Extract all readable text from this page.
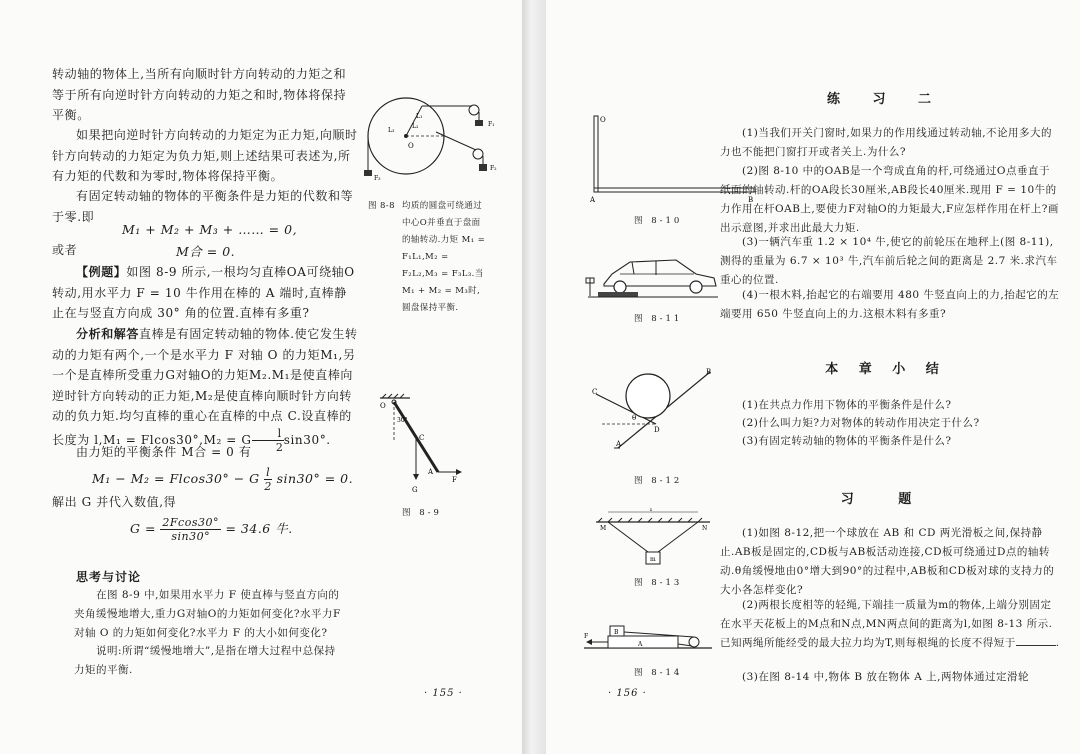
转动轴的物体上,当所有向顺时针方向转动的力矩之和等于所有向逆时针方向转动的力矩之和时,物体将保持平衡。
如果把向逆时针方向转动的力矩定为正力矩,向顺时针方向转动的力矩定为负力矩,则上述结果可表述为,所有力矩的代数和为零时,物体将保持平衡。
有固定转动轴的物体的平衡条件是力矩的代数和等于零.即
M₁ + M₂ + M₃ + …… = 0,
或者	M合 = 0.
【例题】如图 8-9 所示,一根均匀直棒OA可绕轴O转动,用水平力 F = 10 牛作用在棒的 A 端时,直棒静止在与竖直方向成 30° 角的位置.直棒有多重?
分析和解答直棒是有固定转动轴的物体.使它发生转动的力矩有两个,一个是水平力 F 对轴 O 的力矩M₁,另一个是直棒所受重力G对轴O的力矩M₂.M₁是使直棒向逆时针方向转动的正力矩,M₂是使直棒向顺时针方向转动的负力矩.均匀直棒的重心在直棒的中点 C.设直棒的长度为 l,M₁ = Flcos30°,M₂ = G $\frac{l}{2} \sin 30^\circ$.
由力矩的平衡条件 M合 = 0 有
M₁ − M₂ = Flcos30° − G $\frac{l}{2} \sin 30^\circ = 0$.
解出 G 并代入数值,得
$G = \frac{2Fcos30^\circ}{\sin 30^\circ} = 34.6$ 牛.
思考与讨论
在图 8-9 中,如果用水平力 F 使直棒与竖直方向的夹角缓慢地增大,重力G对轴O的力矩如何变化?水平力F 对轴 O 的力矩如何变化?水平力 F 的大小如何变化?
说明:所谓“缓慢地增大”,是指在增大过程中总保持力矩的平衡.
O
L₁
L₂
L₃
F₁
F₂
F₃
图 8-8 均质的圆盘可绕通过中心O并垂直于盘面的轴转动.力矩 M₁ = F₁L₁,M₂ = F₂L₂,M₃ = F₃L₃.当 M₁ + M₂ = M₃时,圆盘保持平衡.
O
30°
C
A
F
G
图 8-9
· 155 ·
O
A	B
图 8-10
图 8-11
练 习 二
(1)当我们开关门窗时,如果力的作用线通过转动轴,不论用多大的力也不能把门窗打开或者关上.为什么?
(2)图 8-10 中的OAB是一个弯成直角的杆,可绕通过O点垂直于纸面的轴转动.杆的OA段长30厘米,AB段长40厘米.现用 F = 10牛的力作用在杆OAB上,要使力F对轴O的力矩最大,F应怎样作用在杆上?画出示意图,并求出此最大力矩.
(3)一辆汽车重 1.2 × 10⁴ 牛,使它的前轮压在地秤上(图 8-11),测得的重量为 6.7 × 10³ 牛,汽车前后轮之间的距离是 2.7 米.求汽车重心的位置.
(4)一根木料,抬起它的右端要用 480 牛竖直向上的力,抬起它的左端要用 650 牛竖直向上的力.这根木料有多重?
本 章 小 结
(1)在共点力作用下物体的平衡条件是什么?
(2)什么叫力矩?力对物体的转动作用决定于什么?
(3)有固定转动轴的物体的平衡条件是什么?
B
C
θ
D
A
图 8-12
习 题
(1)如图 8-12,把一个球放在 AB 和 CD 两光滑板之间,保持静止.AB板是固定的,CD板与AB板活动连接,CD板可绕通过D点的轴转动.θ角缓慢地由0°增大到90°的过程中,AB板和CD板对球的支持力的大小各怎样变化?
(2)两根长度相等的轻绳,下端挂一质量为m的物体,上端分别固定在水平天花板上的M点和N点,MN两点间的距离为l,如图 8-13 所示.已知两绳所能经受的最大拉力均为T,则每根绳的长度不得短于	.
(3)在图 8-14 中,物体 B 放在物体 A 上,两物体通过定滑轮
l
M	N
m
图 8-13
B
A
F
图 8-14
· 156 ·
